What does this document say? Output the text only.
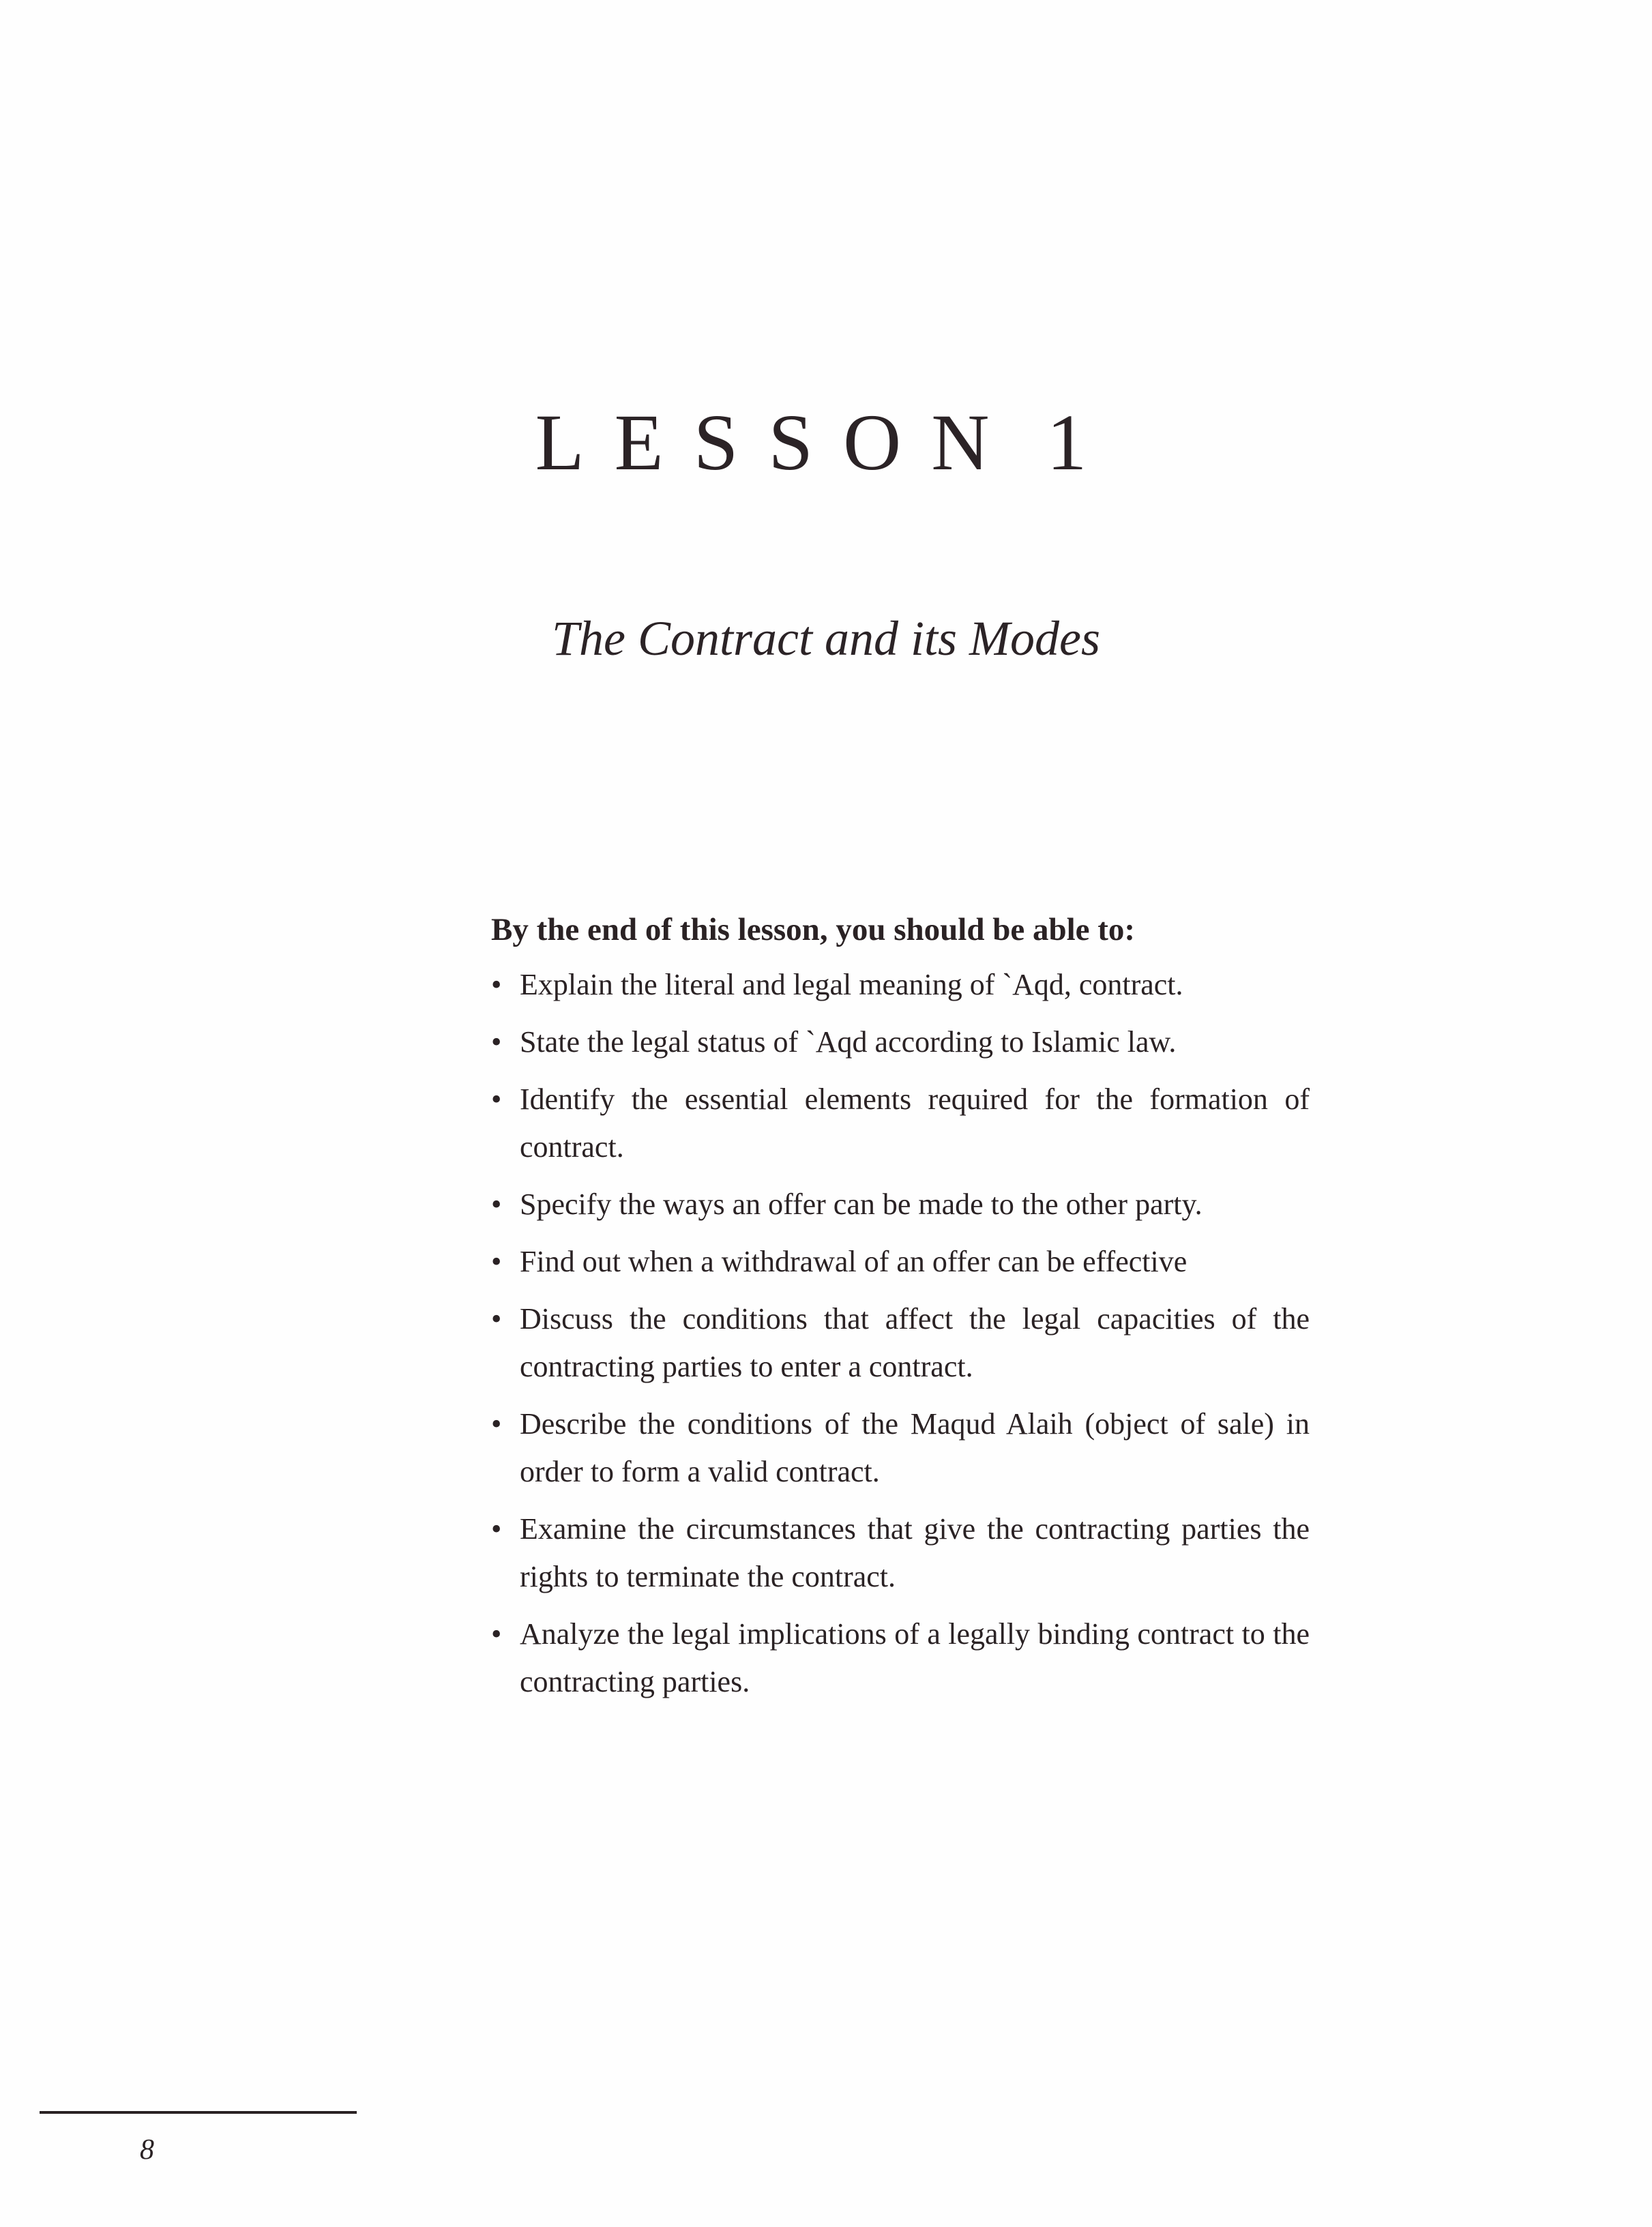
LESSON 1
The Contract and its Modes

By the end of this lesson, you should be able to:

• Explain the literal and legal meaning of `Aqd, contract.
• State the legal status of `Aqd according to Islamic law.
• Identify the essential elements required for the formation of contract.
• Specify the ways an offer can be made to the other party.
• Find out when a withdrawal of an offer can be effective
• Discuss the conditions that affect the legal capacities of the contracting parties to enter a contract.
• Describe the conditions of the Maqud Alaih (object of sale) in order to form a valid contract.
• Examine the circumstances that give the contracting parties the rights to terminate the contract.
• Analyze the legal implications of a legally binding contract to the contracting parties.
8
